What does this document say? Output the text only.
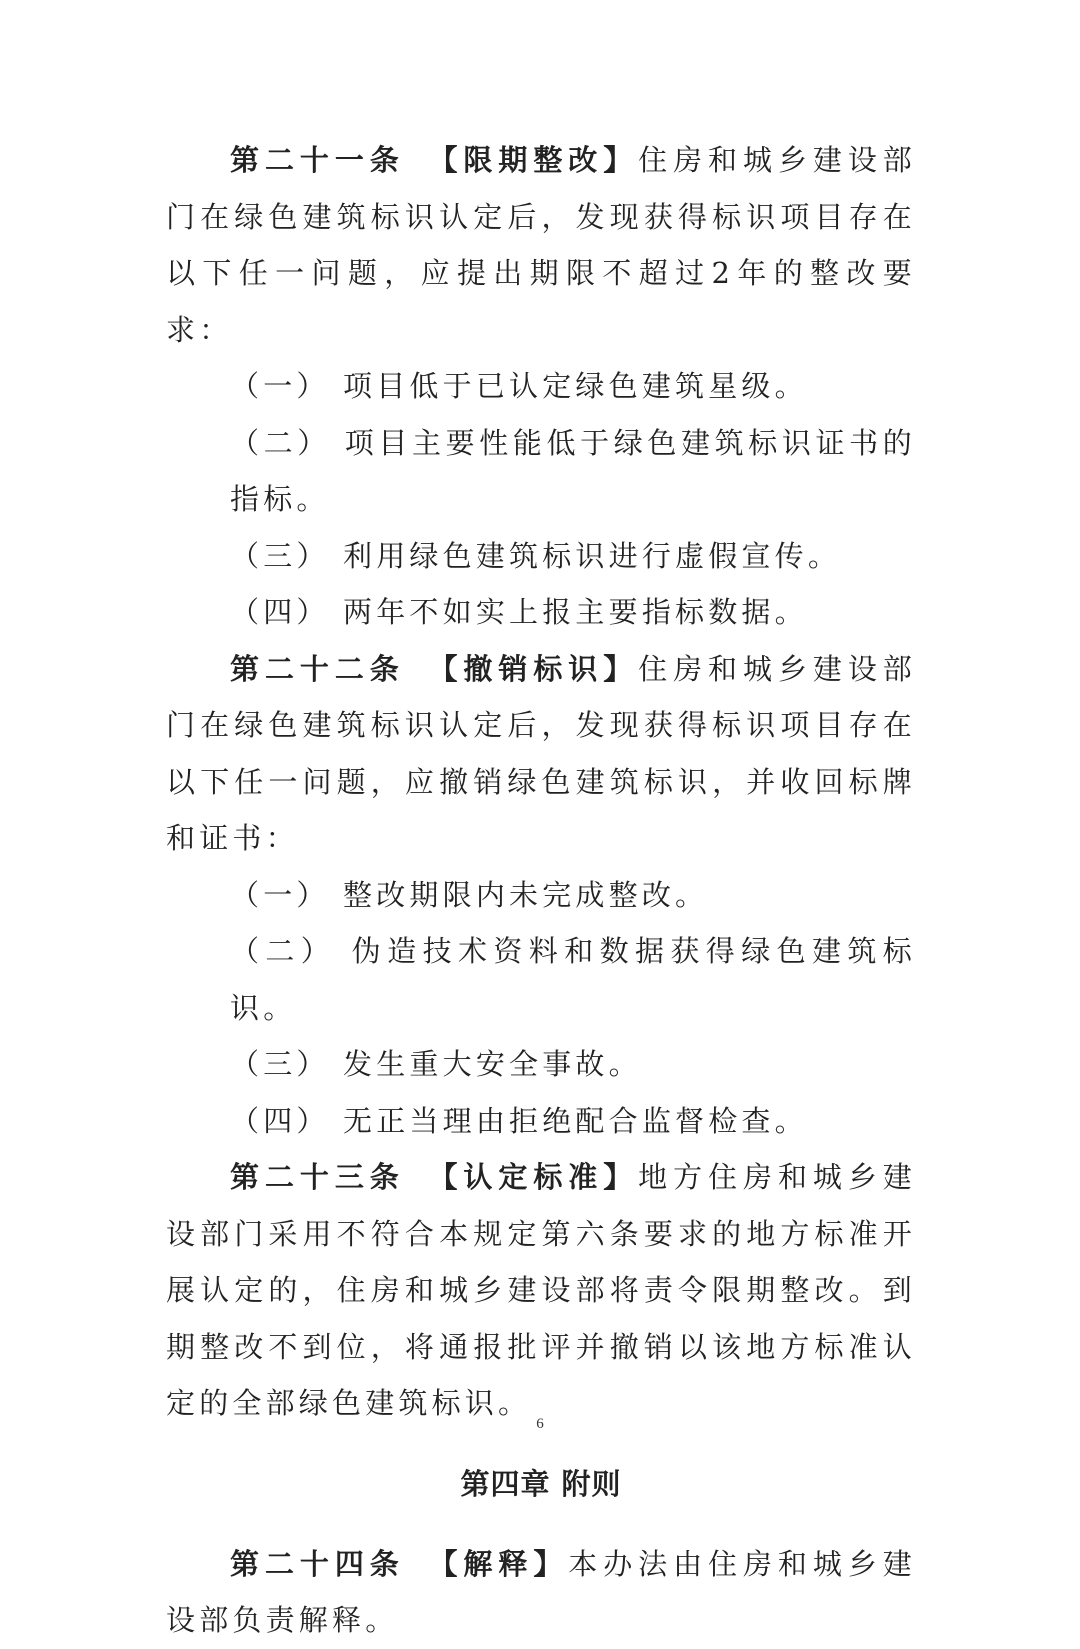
第二十一条 【限期整改】住房和城乡建设部门在绿色建筑标识认定后，发现获得标识项目存在以下任一问题，应提出期限不超过2年的整改要求：

（一） 项目低于已认定绿色建筑星级。

（二） 项目主要性能低于绿色建筑标识证书的指标。

（三） 利用绿色建筑标识进行虚假宣传。

（四） 两年不如实上报主要指标数据。

第二十二条 【撤销标识】住房和城乡建设部门在绿色建筑标识认定后，发现获得标识项目存在以下任一问题，应撤销绿色建筑标识，并收回标牌和证书：

（一） 整改期限内未完成整改。

（二） 伪造技术资料和数据获得绿色建筑标识。

（三） 发生重大安全事故。

（四） 无正当理由拒绝配合监督检查。

第二十三条 【认定标准】地方住房和城乡建设部门采用不符合本规定第六条要求的地方标准开展认定的，住房和城乡建设部将责令限期整改。到期整改不到位，将通报批评并撤销以该地方标准认定的全部绿色建筑标识。

第四章 附则

第二十四条 【解释】本办法由住房和城乡建设部负责解释。

6
